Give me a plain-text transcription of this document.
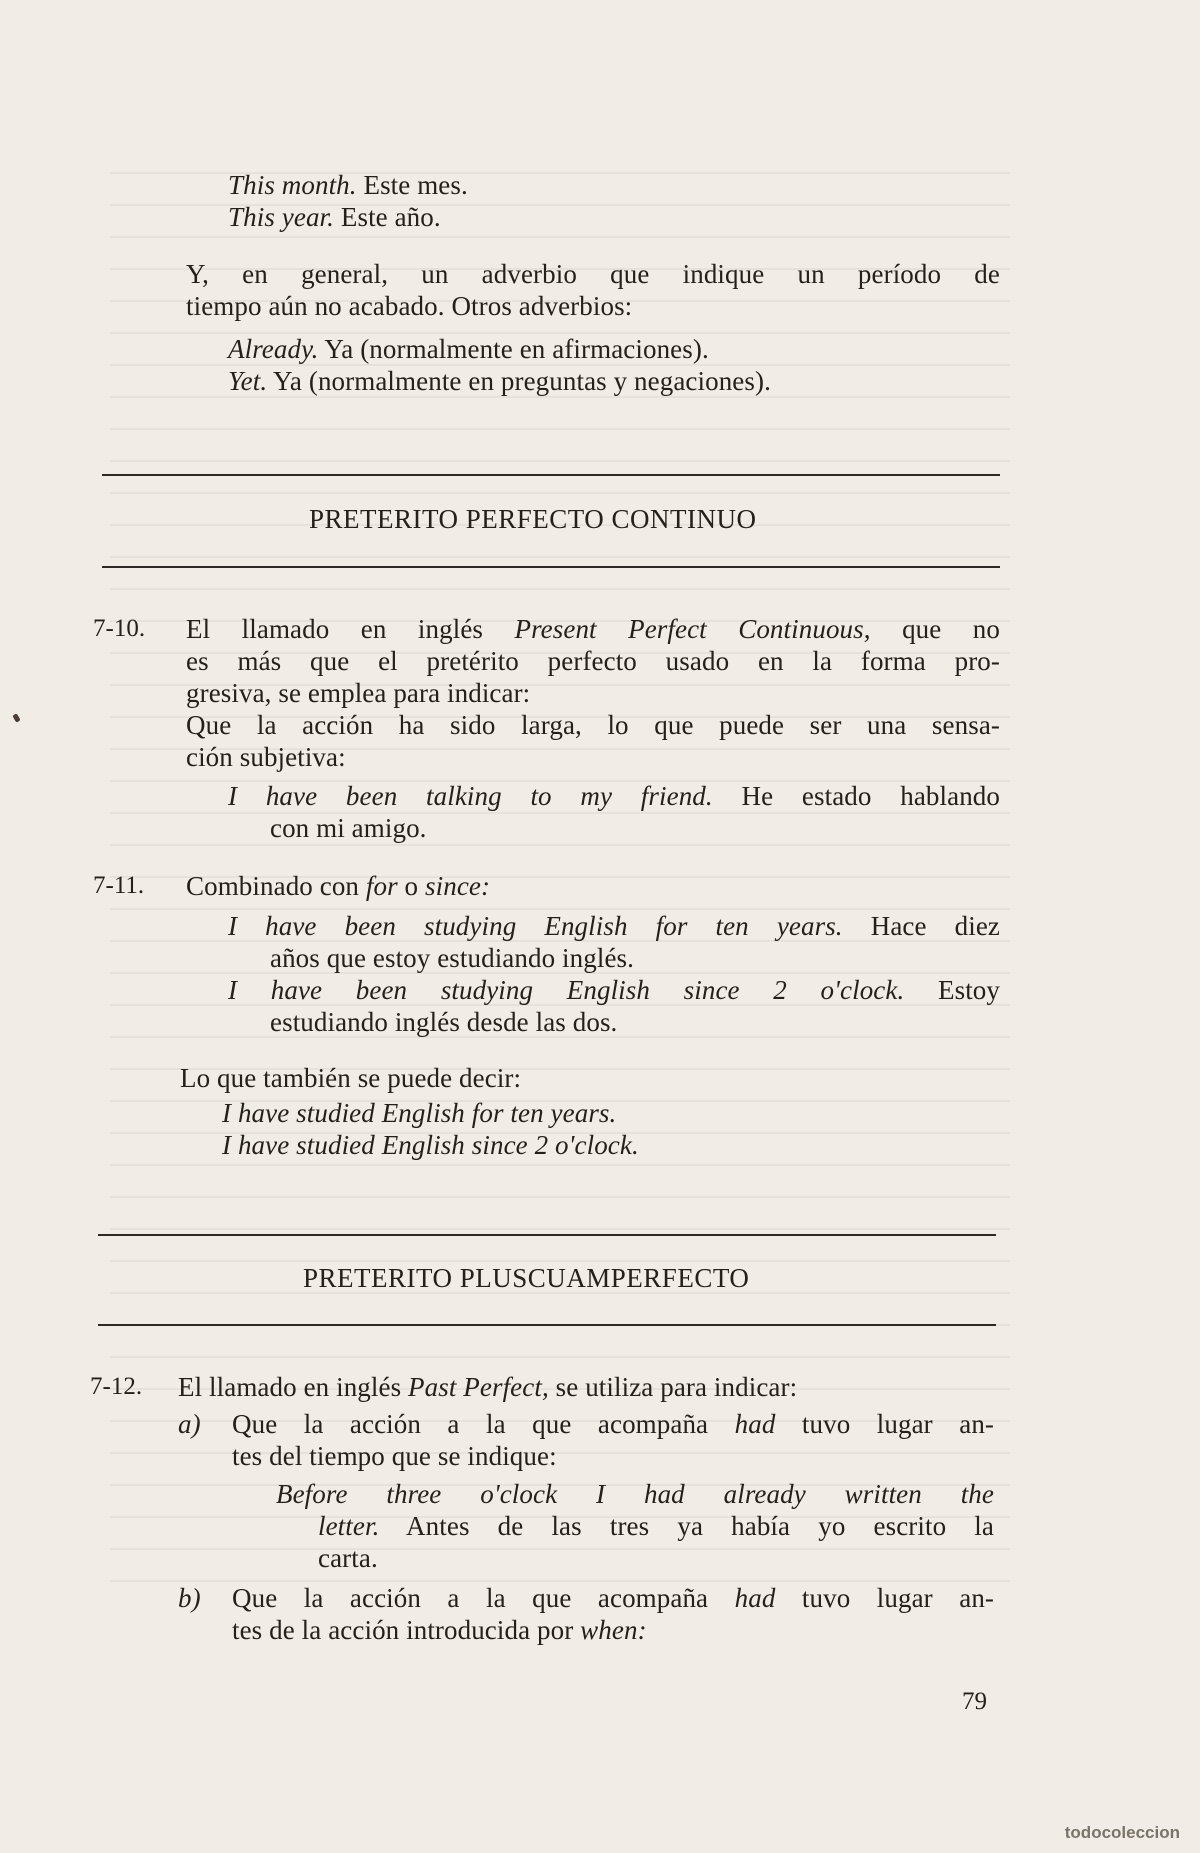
This month. Este mes.
This year. Este año.
Y, en general, un adverbio que indique un período de
tiempo aún no acabado. Otros adverbios:
Already. Ya (normalmente en afirmaciones).
Yet. Ya (normalmente en preguntas y negaciones).
PRETERITO PERFECTO CONTINUO
7-10. El llamado en inglés Present Perfect Continuous, que no
es más que el pretérito perfecto usado en la forma pro-
gresiva, se emplea para indicar:
Que la acción ha sido larga, lo que puede ser una sensa-
ción subjetiva:
I have been talking to my friend. He estado hablando
con mi amigo.
7-11. Combinado con for o since:
I have been studying English for ten years. Hace diez
años que estoy estudiando inglés.
I have been studying English since 2 o'clock. Estoy
estudiando inglés desde las dos.
Lo que también se puede decir:
I have studied English for ten years.
I have studied English since 2 o'clock.
PRETERITO PLUSCUAMPERFECTO
7-12. El llamado en inglés Past Perfect, se utiliza para indicar:
a) Que la acción a la que acompaña had tuvo lugar an-
tes del tiempo que se indique:
Before three o'clock I had already written the
letter. Antes de las tres ya había yo escrito la
carta.
b) Que la acción a la que acompaña had tuvo lugar an-
tes de la acción introducida por when:
79
todocoleccion
